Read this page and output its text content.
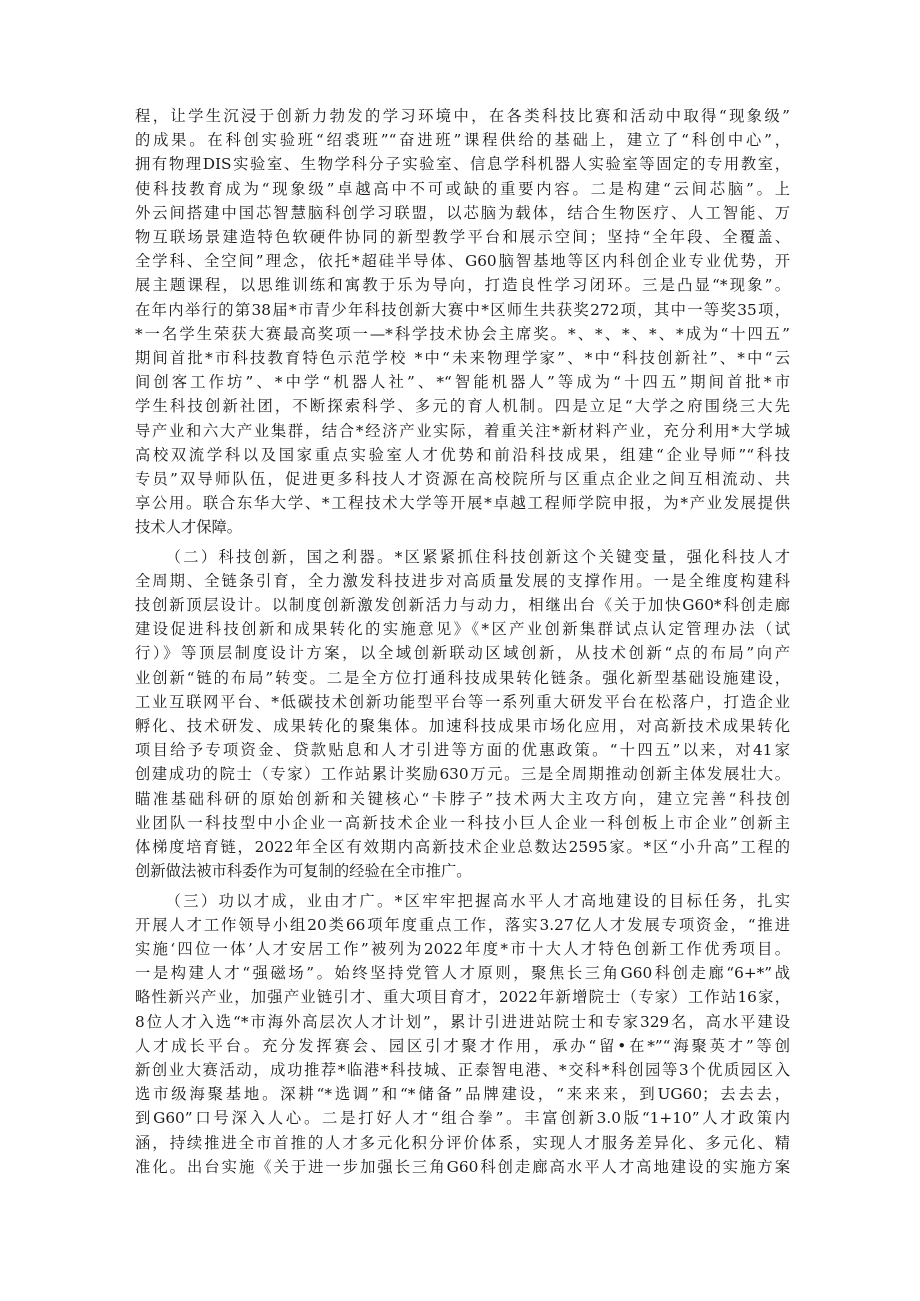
程，让学生沉浸于创新力勃发的学习环境中，在各类科技比赛和活动中取得“现象级”
的成果。在科创实验班“绍裘班”“奋进班”课程供给的基础上，建立了“科创中心”，
拥有物理DIS实验室、生物学科分子实验室、信息学科机器人实验室等固定的专用教室，
使科技教育成为“现象级”卓越高中不可或缺的重要内容。二是构建“云间芯脑”。上
外云间搭建中国芯智慧脑科创学习联盟，以芯脑为载体，结合生物医疗、人工智能、万
物互联场景建造特色软硬件协同的新型教学平台和展示空间；坚持“全年段、全覆盖、
全学科、全空间”理念，依托*超硅半导体、G60脑智基地等区内科创企业专业优势，开
展主题课程，以思维训练和寓教于乐为导向，打造良性学习闭环。三是凸显“*现象”。
在年内举行的第38届*市青少年科技创新大赛中*区师生共获奖272项，其中一等奖35项，
*一名学生荣获大赛最高奖项一—*科学技术协会主席奖。*、*、*、*、*成为“十四五”
期间首批*市科技教育特色示范学校 *中“未来物理学家”、*中“科技创新社”、*中“云
间创客工作坊”、*中学“机器人社”、*“智能机器人”等成为“十四五”期间首批*市
学生科技创新社团，不断探索科学、多元的育人机制。四是立足“大学之府围绕三大先
导产业和六大产业集群，结合*经济产业实际，着重关注*新材料产业，充分利用*大学城
高校双流学科以及国家重点实验室人才优势和前沿科技成果，组建“企业导师”“科技
专员”双导师队伍，促进更多科技人才资源在高校院所与区重点企业之间互相流动、共
享公用。联合东华大学、*工程技术大学等开展*卓越工程师学院申报，为*产业发展提供
技术人才保障。
（二）科技创新，国之利器。*区紧紧抓住科技创新这个关键变量，强化科技人才
全周期、全链条引育，全力激发科技进步对高质量发展的支撑作用。一是全维度构建科
技创新顶层设计。以制度创新激发创新活力与动力，相继出台《关于加快G60*科创走廊
建设促进科技创新和成果转化的实施意见》《*区产业创新集群试点认定管理办法（试
行）》等顶层制度设计方案，以全域创新联动区域创新，从技术创新“点的布局”向产
业创新“链的布局”转变。二是全方位打通科技成果转化链条。强化新型基础设施建设，
工业互联网平台、*低碳技术创新功能型平台等一系列重大研发平台在松落户，打造企业
孵化、技术研发、成果转化的聚集体。加速科技成果市场化应用，对高新技术成果转化
项目给予专项资金、贷款贴息和人才引进等方面的优惠政策。“十四五”以来，对41家
创建成功的院士（专家）工作站累计奖励630万元。三是全周期推动创新主体发展壮大。
瞄准基础科研的原始创新和关键核心“卡脖子”技术两大主攻方向，建立完善“科技创
业团队一科技型中小企业一高新技术企业一科技小巨人企业一科创板上市企业”创新主
体梯度培育链，2022年全区有效期内高新技术企业总数达2595家。*区“小升高”工程的
创新做法被市科委作为可复制的经验在全市推广。
（三）功以才成，业由才广。*区牢牢把握高水平人才高地建设的目标任务，扎实
开展人才工作领导小组20类66项年度重点工作，落实3.27亿人才发展专项资金，“推进
实施‘四位一体’人才安居工作”被列为2022年度*市十大人才特色创新工作优秀项目。
一是构建人才“强磁场”。始终坚持党管人才原则，聚焦长三角G60科创走廊“6+*”战
略性新兴产业，加强产业链引才、重大项目育才，2022年新增院士（专家）工作站16家，
8位人才入选“*市海外高层次人才计划”，累计引进进站院士和专家329名，高水平建设
人才成长平台。充分发挥赛会、园区引才聚才作用，承办“留•在*”“海聚英才”等创
新创业大赛活动，成功推荐*临港*科技城、正泰智电港、*交科*科创园等3个优质园区入
选市级海聚基地。深耕“*选调”和“*储备”品牌建设，“来来来，到UG60；去去去，
到G60”口号深入人心。二是打好人才“组合拳”。丰富创新3.0版“1+10”人才政策内
涵，持续推进全市首推的人才多元化积分评价体系，实现人才服务差异化、多元化、精
准化。出台实施《关于进一步加强长三角G60科创走廊高水平人才高地建设的实施方案
